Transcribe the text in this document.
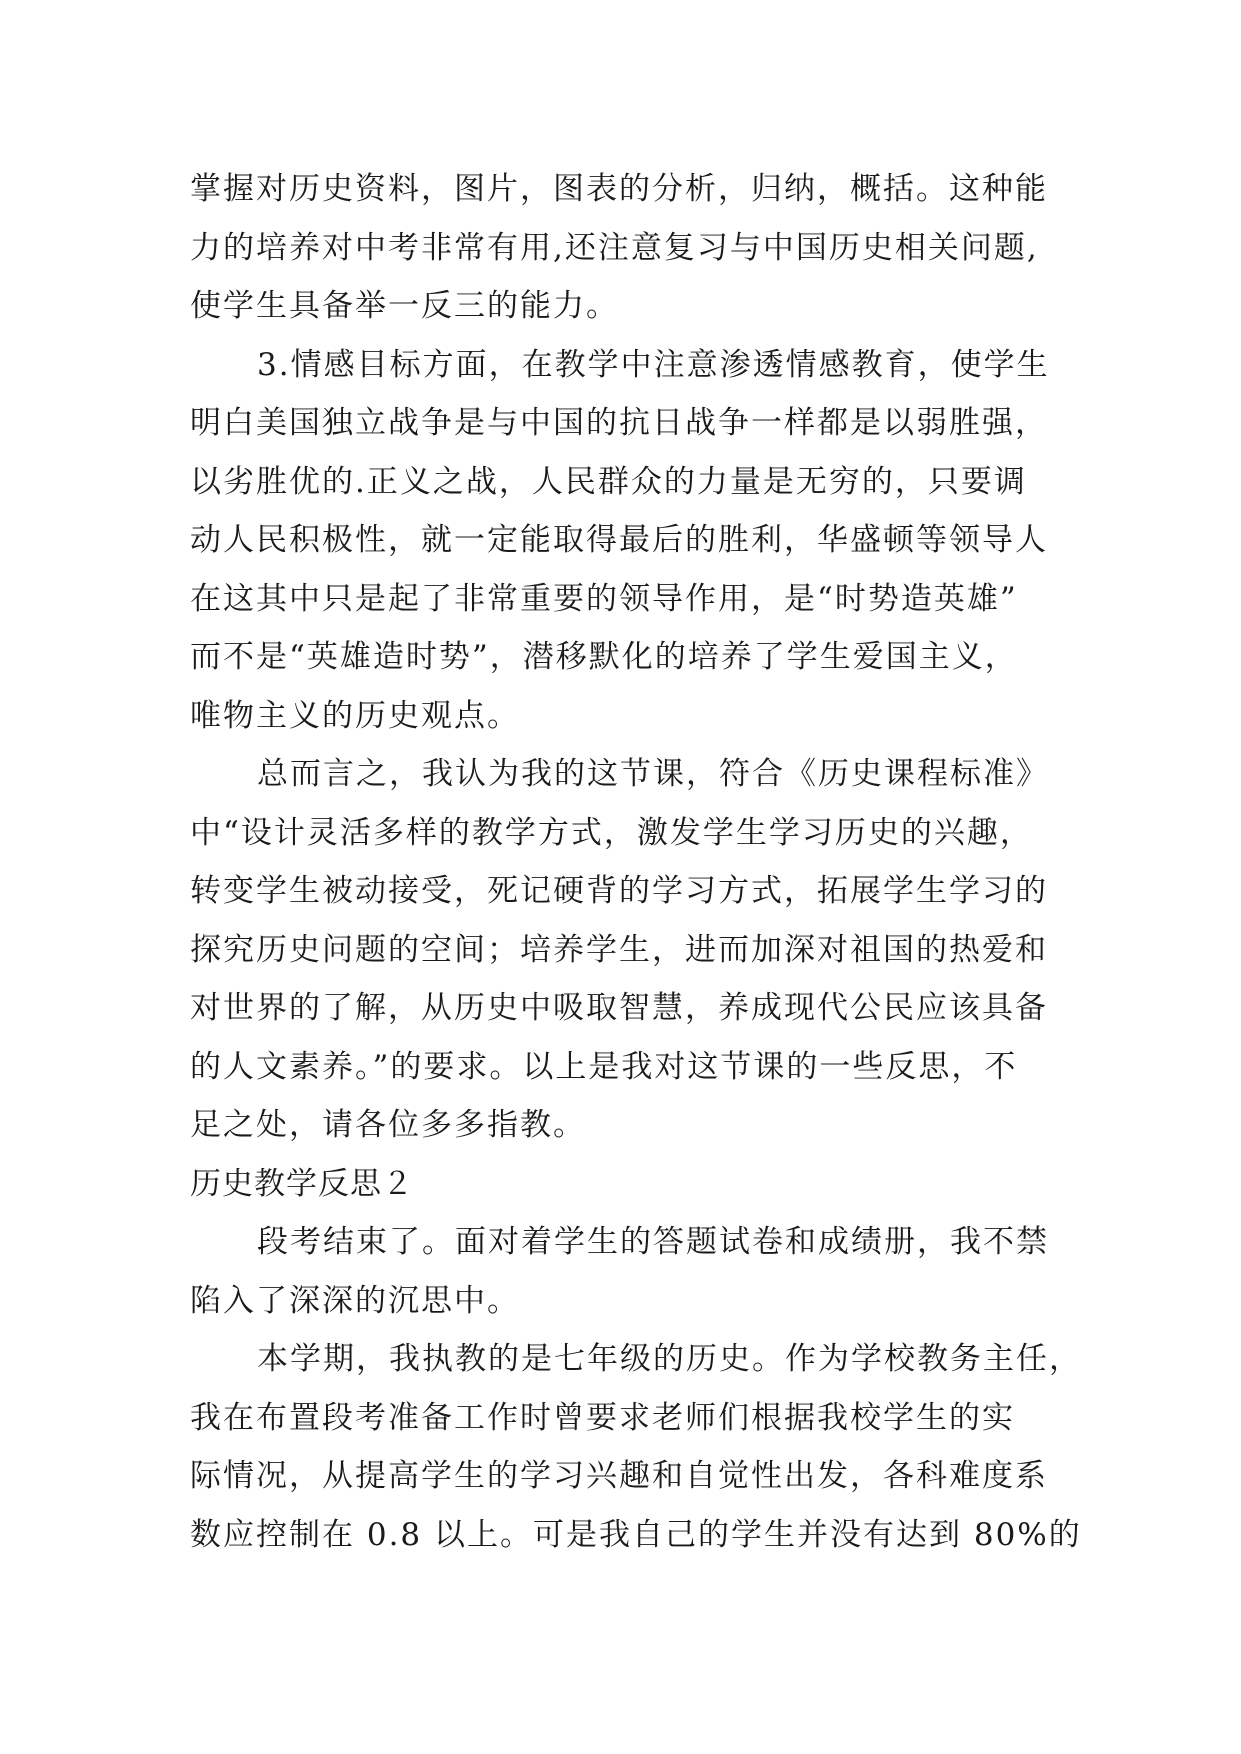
掌握对历史资料，图片，图表的分析，归纳，概括。这种能
力的培养对中考非常有用,还注意复习与中国历史相关问题,
使学生具备举一反三的能力。
3.情感目标方面，在教学中注意渗透情感教育，使学生
明白美国独立战争是与中国的抗日战争一样都是以弱胜强，
以劣胜优的.正义之战，人民群众的力量是无穷的，只要调
动人民积极性，就一定能取得最后的胜利，华盛顿等领导人
在这其中只是起了非常重要的领导作用，是“时势造英雄”
而不是“英雄造时势”，潜移默化的培养了学生爱国主义，
唯物主义的历史观点。
总而言之，我认为我的这节课，符合《历史课程标准》
中“设计灵活多样的教学方式，激发学生学习历史的兴趣，
转变学生被动接受，死记硬背的学习方式，拓展学生学习的
探究历史问题的空间；培养学生，进而加深对祖国的热爱和
对世界的了解，从历史中吸取智慧，养成现代公民应该具备
的人文素养。”的要求。以上是我对这节课的一些反思，不
足之处，请各位多多指教。
历史教学反思２
段考结束了。面对着学生的答题试卷和成绩册，我不禁
陷入了深深的沉思中。
本学期，我执教的是七年级的历史。作为学校教务主任，
我在布置段考准备工作时曾要求老师们根据我校学生的实
际情况，从提高学生的学习兴趣和自觉性出发，各科难度系
数应控制在 0.8 以上。可是我自己的学生并没有达到 80%的
